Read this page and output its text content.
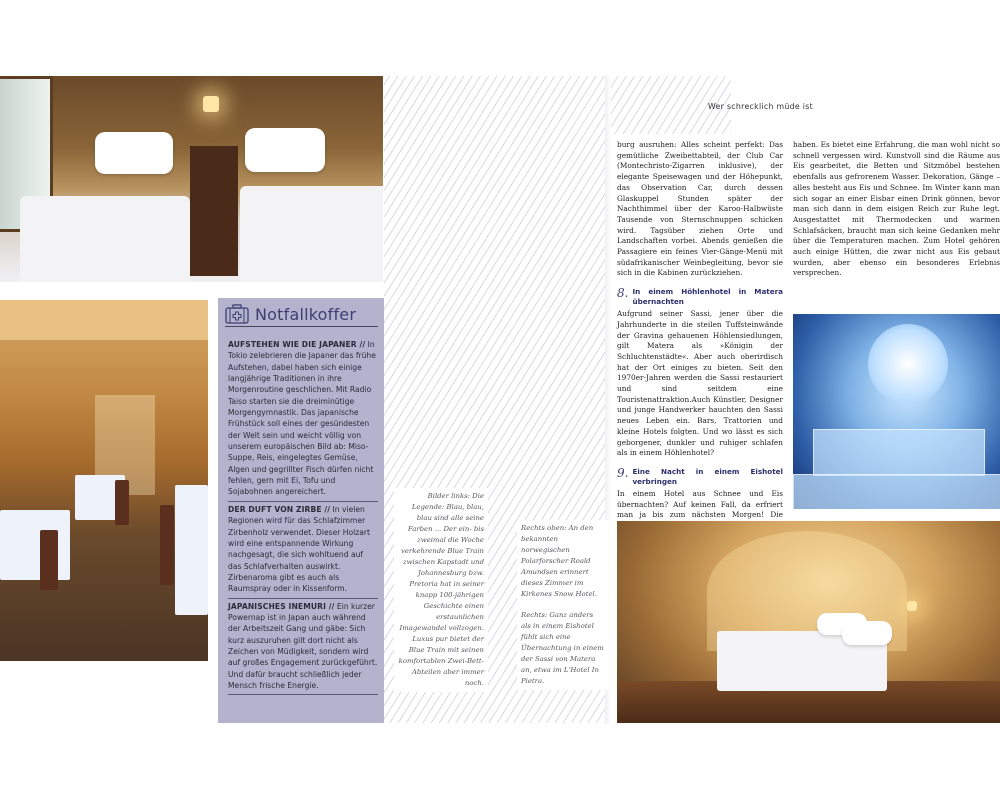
Notfallkoffer

AUFSTEHEN WIE DIE JAPANER // In Tokio zelebrieren die Japaner das frühe Aufstehen, dabei haben sich einige langjährige Traditionen in ihre Morgenroutine geschlichen. Mit Radio Taiso starten sie die dreiminütige Morgengymnastik. Das japanische Frühstück soll eines der gesündesten der Welt sein und weicht völlig von unserem europäischen Bild ab: Miso-Suppe, Reis, eingelegtes Gemüse, Algen und gegrillter Fisch dürfen nicht fehlen, gern mit Ei, Tofu und Sojabohnen angereichert.

DER DUFT VON ZIRBE // In vielen Regionen wird für das Schlafzimmer Zirbenholz verwendet. Dieser Holzart wird eine entspannende Wirkung nachgesagt, die sich wohltuend auf das Schlafverhalten auswirkt. Zirbenaroma gibt es auch als Raumspray oder in Kissenform.

JAPANISCHES INEMURI // Ein kurzer Powernap ist in Japan auch während der Arbeitszeit Gang und gäbe: Sich kurz auszuruhen gilt dort nicht als Zeichen von Müdigkeit, sondern wird auf großes Engagement zurückgeführt. Und dafür braucht schließlich jeder Mensch frische Energie.

Bilder links: Die Legende: Blau, blau, blau sind alle seine Farben ... Der ein- bis zweimal die Woche verkehrende Blue Train zwischen Kapstadt und Johannesburg bzw. Pretoria hat in seiner knapp 100-jährigen Geschichte einen erstaunlichen Imagewandel vollzogen. Luxus pur bietet der Blue Train mit seinen komfortablen Zwei-Bett-Abteilen aber immer noch.
Rechts oben: An den bekannten norwegischen Polarforscher Roald Amundsen erinnert dieses Zimmer im Kirkenes Snow Hotel.
Rechts: Ganz anders als in einem Eishotel fühlt sich eine Übernachtung in einem der Sassi von Matera an, etwa im L'Hotel In Pietra.
Wer schrecklich müde ist

burg ausruhen: Alles scheint perfekt: Das gemütliche Zweibettabteil, der Club Car (Montechristo-Zigarren inklusive), der elegante Speisewagen und der Höhepunkt, das Observation Car, durch dessen Glaskuppel Stunden später der Nachthimmel über der Karoo-Halbwüste Tausende von Sternschnuppen schicken wird. Tagsüber ziehen Orte und Landschaften vorbei. Abends genießen die Passagiere ein feines Vier-Gänge-Menü mit südafrikanischer Weinbegleitung, bevor sie sich in die Kabinen zurückziehen.

8. In einem Höhlenhotel in Matera übernachten

Aufgrund seiner Sassi, jener über die Jahrhunderte in die steilen Tuffsteinwände der Gravina gehauenen Höhlensiedlungen, gilt Matera als »Königin der Schluchtenstädte«. Aber auch oberirdisch hat der Ort einiges zu bieten. Seit den 1970er-Jahren werden die Sassi restauriert und sind seitdem eine Touristenattraktion.Auch Künstler, Designer und junge Handwerker hauchten den Sassi neues Leben ein. Bars, Trattorien und kleine Hotels folgten. Und wo lässt es sich geborgener, dunkler und ruhiger schlafen als in einem Höhlenhotel?

9. Eine Nacht in einem Eishotel verbringen

In einem Hotel aus Schnee und Eis übernachten? Auf keinen Fall, da erfriert man ja bis zum nächsten Morgen! Die

haben. Es bietet eine Erfahrung, die man wohl nicht so schnell vergessen wird. Kunstvoll sind die Räume aus Eis gearbeitet, die Betten und Sitzmöbel bestehen ebenfalls aus gefrorenem Wasser. Dekoration, Gänge – alles besteht aus Eis und Schnee. Im Winter kann man sich sogar an einer Eisbar einen Drink gönnen, bevor man sich dann in dem eisigen Reich zur Ruhe legt. Ausgestattet mit Thermodecken und warmen Schlafsäcken, braucht man sich keine Gedanken mehr über die Temperaturen machen. Zum Hotel gehören auch einige Hütten, die zwar nicht aus Eis gebaut wurden, aber ebenso ein besonderes Erlebnis versprechen.
